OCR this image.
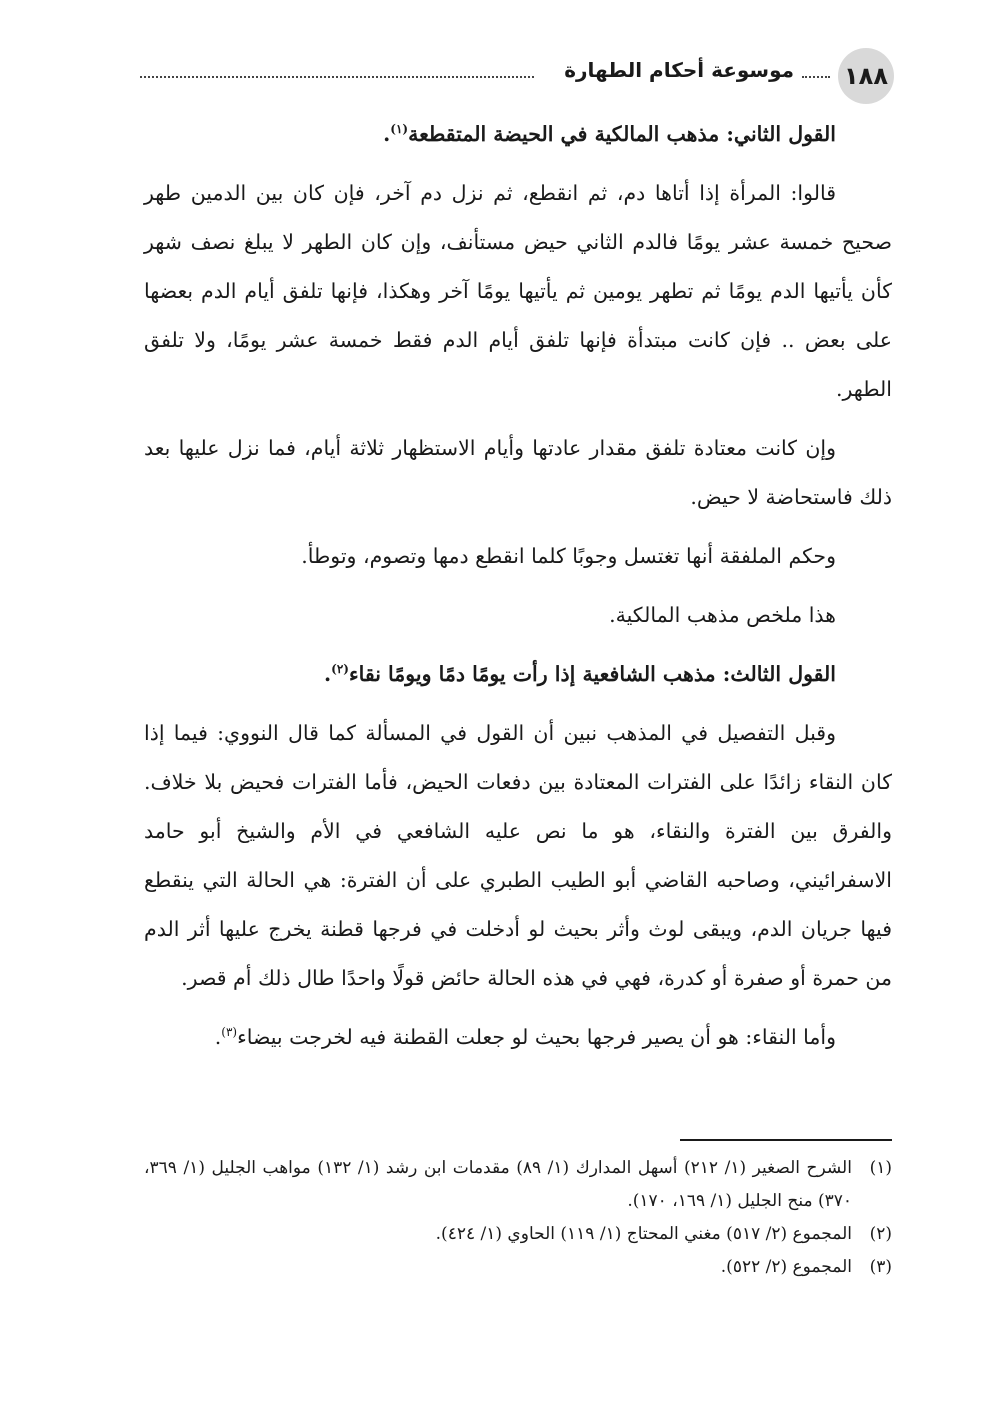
١٨٨
موسوعة أحكام الطهارة

القول الثاني: مذهب المالكية في الحيضة المتقطعة$^{(١)}$.

قالوا: المرأة إذا أتاها دم، ثم انقطع، ثم نزل دم آخر، فإن كان بين الدمين طهر صحيح خمسة عشر يومًا فالدم الثاني حيض مستأنف، وإن كان الطهر لا يبلغ نصف شهر كأن يأتيها الدم يومًا ثم تطهر يومين ثم يأتيها يومًا آخر وهكذا، فإنها تلفق أيام الدم بعضها على بعض .. فإن كانت مبتدأة فإنها تلفق أيام الدم فقط خمسة عشر يومًا، ولا تلفق الطهر.

وإن كانت معتادة تلفق مقدار عادتها وأيام الاستظهار ثلاثة أيام، فما نزل عليها بعد ذلك فاستحاضة لا حيض.

وحكم الملفقة أنها تغتسل وجوبًا كلما انقطع دمها وتصوم، وتوطأ.

هذا ملخص مذهب المالكية.

القول الثالث: مذهب الشافعية إذا رأت يومًا دمًا ويومًا نقاء$^{(٢)}$.

وقبل التفصيل في المذهب نبين أن القول في المسألة كما قال النووي: فيما إذا كان النقاء زائدًا على الفترات المعتادة بين دفعات الحيض، فأما الفترات فحيض بلا خلاف. والفرق بين الفترة والنقاء، هو ما نص عليه الشافعي في الأم والشيخ أبو حامد الاسفرائيني، وصاحبه القاضي أبو الطيب الطبري على أن الفترة: هي الحالة التي ينقطع فيها جريان الدم، ويبقى لوث وأثر بحيث لو أدخلت في فرجها قطنة يخرج عليها أثر الدم من حمرة أو صفرة أو كدرة، فهي في هذه الحالة حائض قولًا واحدًا طال ذلك أم قصر.

وأما النقاء: هو أن يصير فرجها بحيث لو جعلت القطنة فيه لخرجت بيضاء$^{(٣)}$.

(١)
الشرح الصغير (١/ ٢١٢) أسهل المدارك (١/ ٨٩) مقدمات ابن رشد (١/ ١٣٢) مواهب الجليل (١/ ٣٦٩، ٣٧٠) منح الجليل (١/ ١٦٩، ١٧٠).
(٢)
المجموع (٢/ ٥١٧) مغني المحتاج (١/ ١١٩) الحاوي (١/ ٤٢٤).
(٣)
المجموع (٢/ ٥٢٢).
